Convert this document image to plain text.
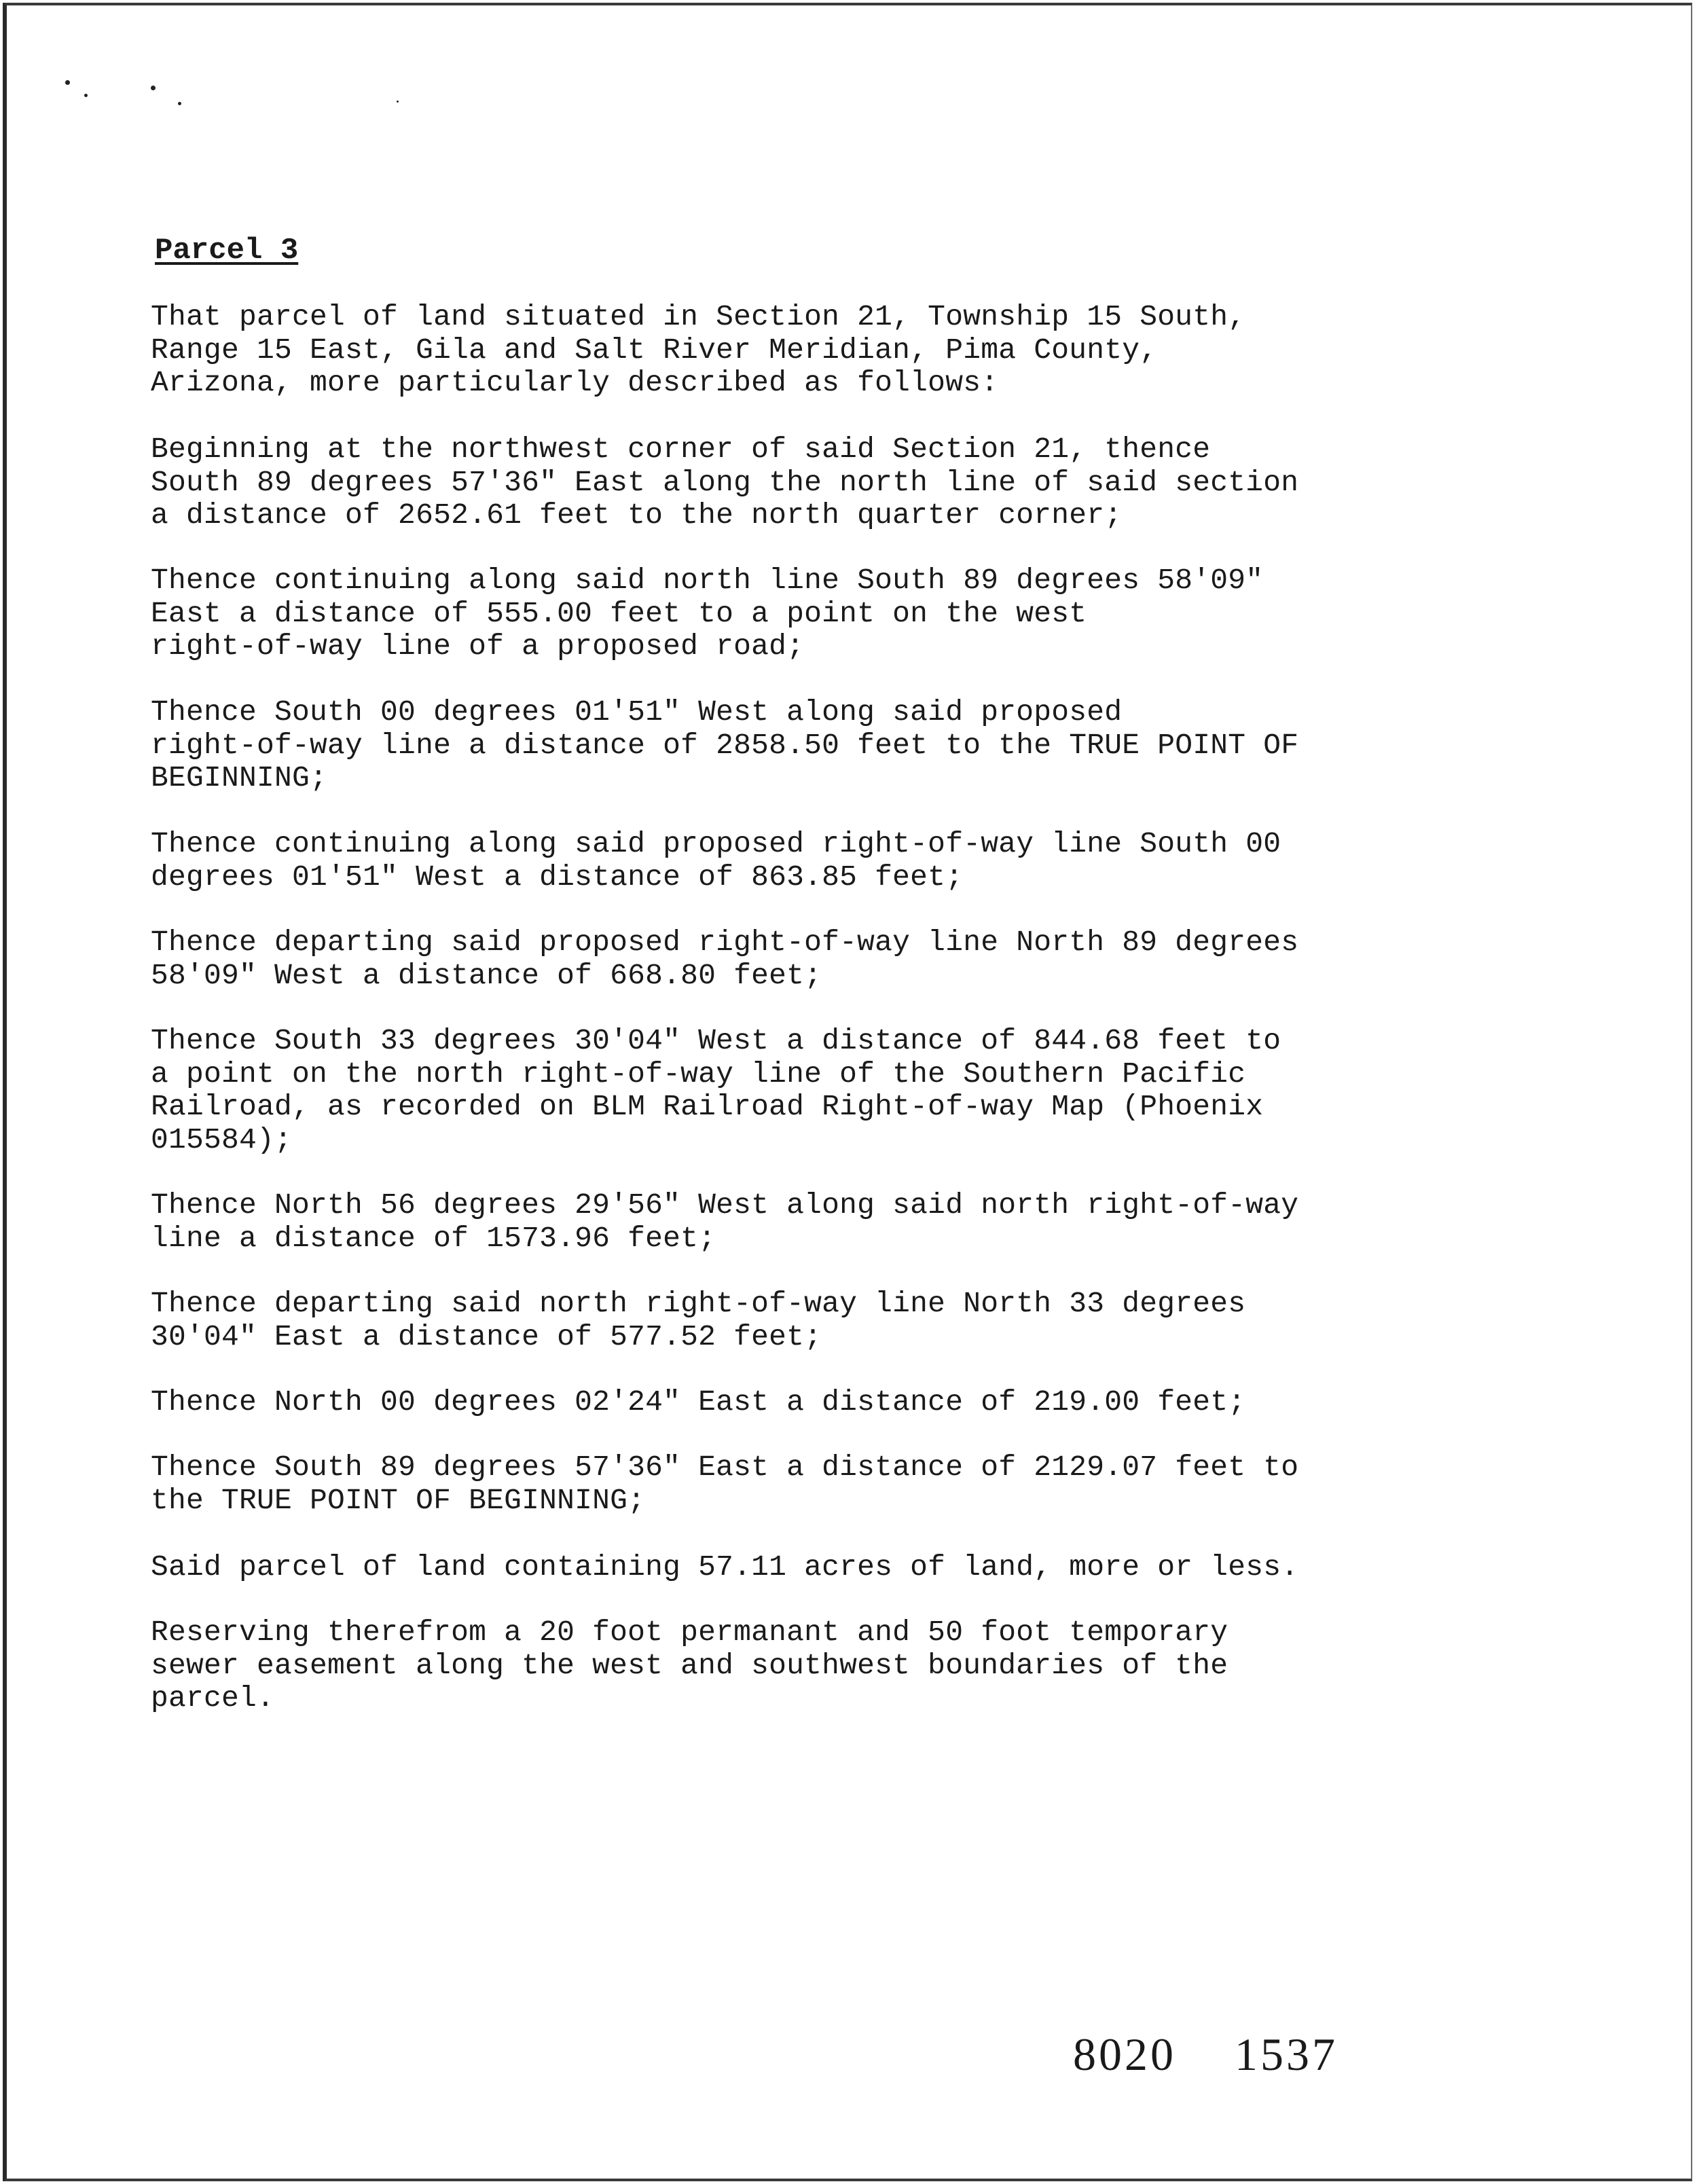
Parcel 3

That parcel of land situated in Section 21, Township 15 South,
Range 15 East, Gila and Salt River Meridian, Pima County,
Arizona, more particularly described as follows:

Beginning at the northwest corner of said Section 21, thence
South 89 degrees 57'36" East along the north line of said section
a distance of 2652.61 feet to the north quarter corner;

Thence continuing along said north line South 89 degrees 58'09"
East a distance of 555.00 feet to a point on the west
right-of-way line of a proposed road;

Thence South 00 degrees 01'51" West along said proposed
right-of-way line a distance of 2858.50 feet to the TRUE POINT OF
BEGINNING;

Thence continuing along said proposed right-of-way line South 00
degrees 01'51" West a distance of 863.85 feet;

Thence departing said proposed right-of-way line North 89 degrees
58'09" West a distance of 668.80 feet;

Thence South 33 degrees 30'04" West a distance of 844.68 feet to
a point on the north right-of-way line of the Southern Pacific
Railroad, as recorded on BLM Railroad Right-of-way Map (Phoenix
015584);

Thence North 56 degrees 29'56" West along said north right-of-way
line a distance of 1573.96 feet;

Thence departing said north right-of-way line North 33 degrees
30'04" East a distance of 577.52 feet;

Thence North 00 degrees 02'24" East a distance of 219.00 feet;

Thence South 89 degrees 57'36" East a distance of 2129.07 feet to
the TRUE POINT OF BEGINNING;

Said parcel of land containing 57.11 acres of land, more or less.

Reserving therefrom a 20 foot permanant and 50 foot temporary
sewer easement along the west and southwest boundaries of the
parcel.

8020 1537
